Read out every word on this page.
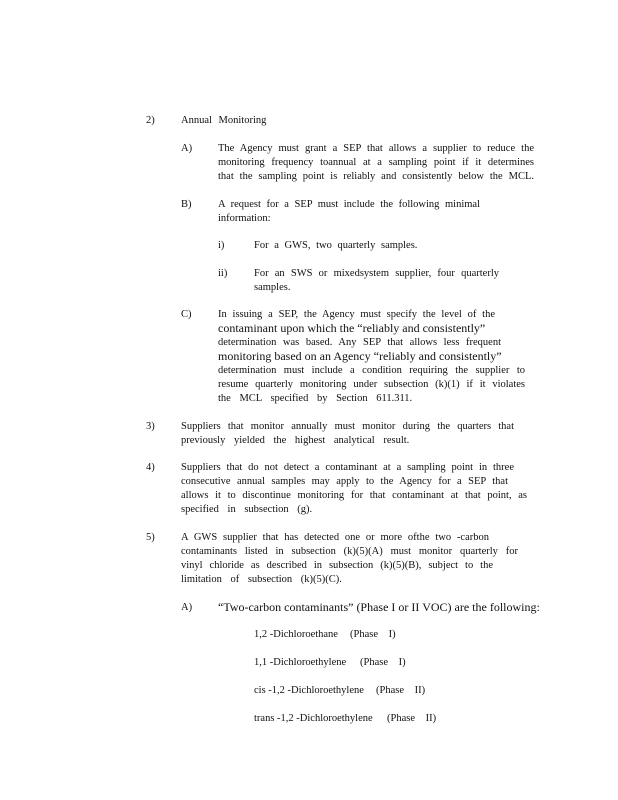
2)	Annual Monitoring
A) The Agency must grant a SEP that allows a supplier to reduce the
monitoring frequency toannual at a sampling point if it determines
that the sampling point is reliably and consistently below the MCL.
B)	A request for a SEP must include the following minimal
information:
i)	For a GWS, two quarterly samples.
ii)	For an SWS or mixedsystem supplier, four quarterly
samples.
C)	In issuing a SEP, the Agency must specify the level of the
contaminant upon which the “reliably and consistently”
determination was based. Any SEP that allows less frequent
monitoring based on an Agency “reliably and consistently”
determination must include a condition requiring the supplier to
resume quarterly monitoring under subsection (k)(1) if it violates
the MCL specified by Section 611.311.
3)	Suppliers that monitor annually must monitor during the quarters that
previously yielded the highest analytical result.
4)	Suppliers that do not detect a contaminant at a sampling point in three
consecutive annual samples may apply to the Agency for a SEP that
allows it to discontinue monitoring for that contaminant at that point, as
specified in subsection (g).
5)	A GWS supplier that has detected one or more ofthe two -carbon
contaminants listed in subsection (k)(5)(A) must monitor quarterly for
vinyl chloride as described in subsection (k)(5)(B), subject to the
limitation of subsection (k)(5)(C).
A) “Two-carbon contaminants” (Phase I or II VOC) are the following:
1,2 -Dichloroethane (Phase I)
1,1 -Dichloroethylene (Phase I)
cis -1,2 -Dichloroethylene (Phase II)
trans -1,2 -Dichloroethylene (Phase II)
